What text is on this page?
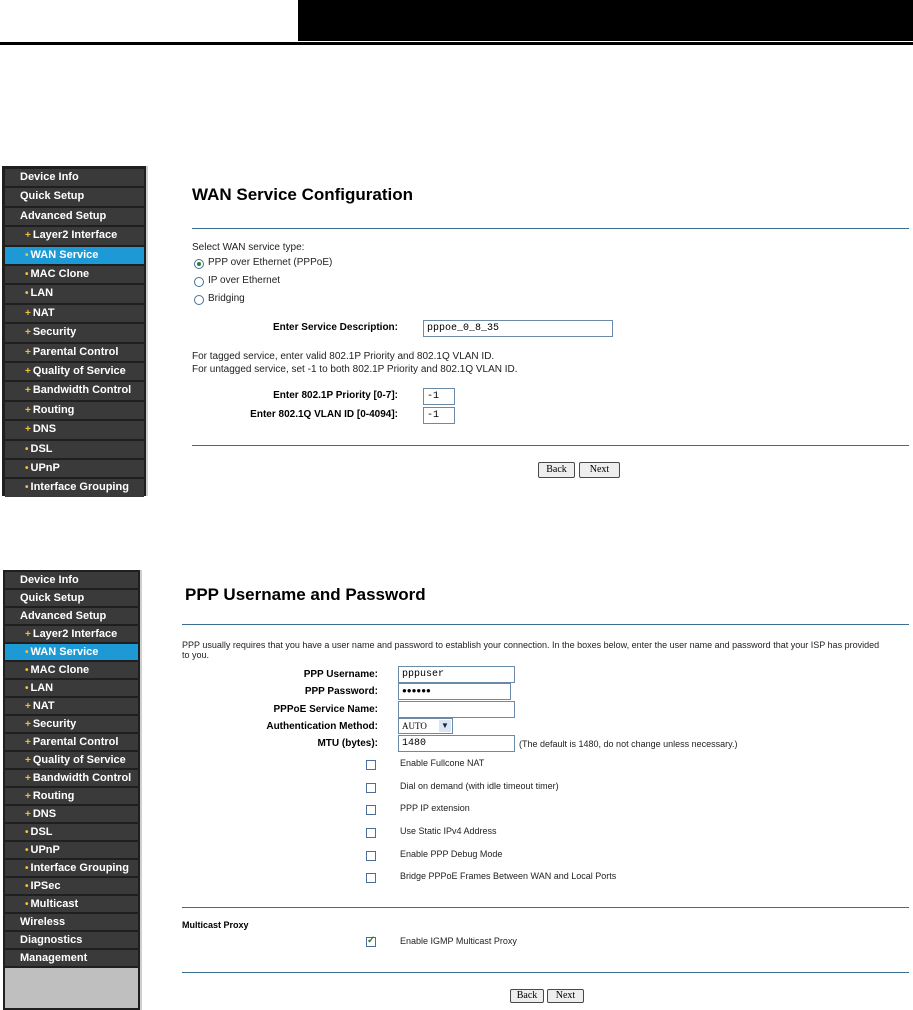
WAN Service Configuration
Select WAN service type:
PPP over Ethernet (PPPoE)
IP over Ethernet
Bridging
Enter Service Description:	pppoe_0_8_35
For tagged service, enter valid 802.1P Priority and 802.1Q VLAN ID.
For untagged service, set -1 to both 802.1P Priority and 802.1Q VLAN ID.
Enter 802.1P Priority [0-7]:	-1
Enter 802.1Q VLAN ID [0-4094]:	-1
Back	Next
PPP Username and Password
PPP usually requires that you have a user name and password to establish your connection. In the boxes below, enter the user name and password that your ISP has provided
to you.
PPP Username:	pppuser
PPP Password:	●●●●●●
PPPoE Service Name:
Authentication Method:	AUTO ▼
MTU (bytes):	1480	(The default is 1480, do not change unless necessary.)
Multicast Proxy
✓
Enable IGMP Multicast Proxy
Back	Next
Device Info
Quick Setup
Advanced Setup
+ Layer2 Interface
• WAN Service
• MAC Clone
• LAN
+ NAT
+ Security
+ Parental Control
+ Quality of Service
+ Bandwidth Control
+ Routing
+ DNS
• DSL
• UPnP
• Interface Grouping
Device Info
Quick Setup
Advanced Setup
+ Layer2 Interface
• WAN Service
• MAC Clone
• LAN
+ NAT
+ Security
+ Parental Control
+ Quality of Service
+ Bandwidth Control
+ Routing
+ DNS
• DSL
• UPnP
• Interface Grouping
• IPSec
• Multicast
Wireless
Diagnostics
Management
Enable Fullcone NAT
Dial on demand (with idle timeout timer)
PPP IP extension
Use Static IPv4 Address
Enable PPP Debug Mode
Bridge PPPoE Frames Between WAN and Local Ports
